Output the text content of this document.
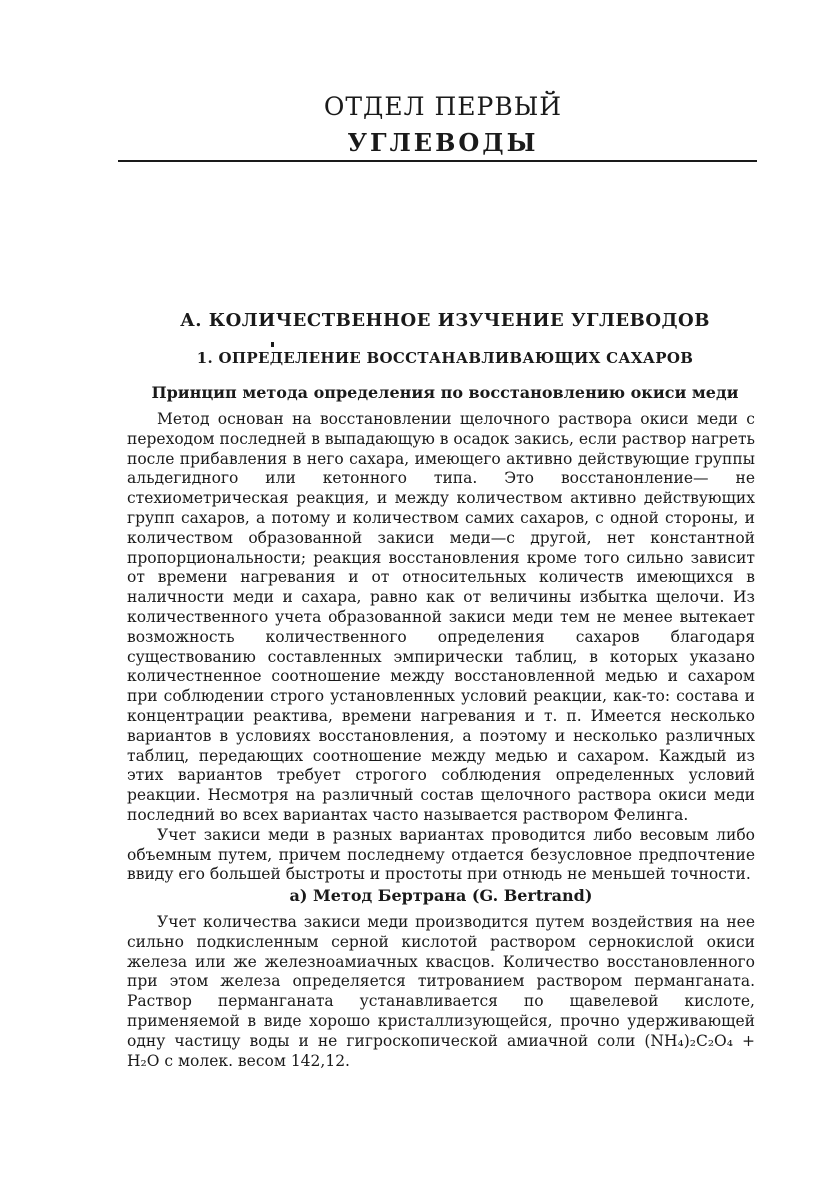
ОТДЕЛ ПЕРВЫЙ
УГЛЕВОДЫ
А. КОЛИЧЕСТВЕННОЕ ИЗУЧЕНИЕ УГЛЕВОДОВ
1. ОПРЕДЕЛЕНИЕ ВОССТАНАВЛИВАЮЩИХ САХАРОВ
Принцип метода определения по восстановлению окиси меди

Метод основан на восстановлении щелочного раствора окиси меди с переходом последней в выпадающую в осадок закись, если раствор нагреть после прибавления в него сахара, имеющего активно действующие группы альдегидного или кетонного типа. Это восстанонление— не стехиометрическая реакция, и между количеством активно действующих групп сахаров, а потому и количеством самих сахаров, с одной стороны, и количеством образованной закиси меди—с другой, нет константной пропорциональности; реакция восстановления кроме того сильно зависит от времени нагревания и от относительных количеств имеющихся в наличности меди и сахара, равно как от величины избытка щелочи. Из количественного учета образованной закиси меди тем не менее вытекает возможность количественного определения сахаров благодаря существованию составленных эмпирически таблиц, в которых указано количестненное соотношение между восстановленной медью и сахаром при соблюдении строго установленных условий реакции, как-то: состава и концентрации реактива, времени нагревания и т. п. Имеется несколько вариантов в условиях восстановления, а поэтому и несколько различных таблиц, передающих соотношение между медью и сахаром. Каждый из этих вариантов требует строгого соблюдения определенных условий реакции. Несмотря на различный состав щелочного раствора окиси меди последний во всех вариантах часто называется раствором Фелинга.

Учет закиси меди в разных вариантах проводится либо весовым либо объемным путем, причем последнему отдается безусловное предпочтение ввиду его большей быстроты и простоты при отнюдь не меньшей точности.

а) Метод Бертрана (G. Bertrand)

Учет количества закиси меди производится путем воздействия на нее сильно подкисленным серной кислотой раствором сернокислой окиси железа или же железноамиачных квасцов. Количество восстановленного при этом железа определяется титрованием раствором перманганата. Раствор перманганата устанавливается по щавелевой кислоте, применяемой в виде хорошо кристаллизующейся, прочно удерживающей одну частицу воды и не гигроскопической амиачной соли (NH₄)₂C₂O₄ + H₂O с молек. весом 142,12.
